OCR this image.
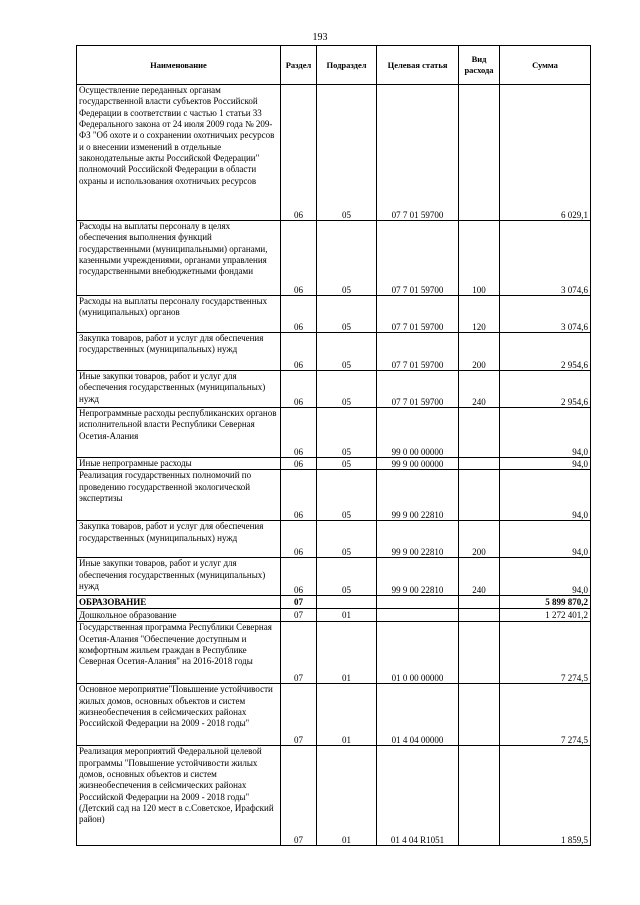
193
Наименование	Раздел	Подраздел	Целевая статья	Вид расхода	Сумма

Осуществление переданных органам государственной власти субъектов Российской Федерации в соответствии с частью 1 статьи 33 Федерального закона от 24 июля 2009 года № 209-ФЗ "Об охоте и о сохранении охотничьих ресурсов и о внесении изменений в отдельные законодательные акты Российской Федерации" полномочий Российской Федерации в области охраны и использования охотничьих ресурсов	06	05	07 7 01 59700		6 029,1

Расходы на выплаты персоналу в целях обеспечения выполнения функций государственными (муниципальными) органами, казенными учреждениями, органами управления государственными внебюджетными фондами	06	05	07 7 01 59700	100	3 074,6

Расходы на выплаты персоналу государственных (муниципальных) органов	06	05	07 7 01 59700	120	3 074,6

Закупка товаров, работ и услуг для обеспечения государственных (муниципальных) нужд	06	05	07 7 01 59700	200	2 954,6

Иные закупки товаров, работ и услуг для обеспечения государственных (муниципальных) нужд	06	05	07 7 01 59700	240	2 954,6

Непрограммные расходы республиканских органов исполнительной власти Республики Северная Осетия-Алания	06	05	99 0 00 00000		94,0

Иные непрограмные расходы	06	05	99 9 00 00000		94,0

Реализация государственных полномочий по проведению государственной экологической экспертизы	06	05	99 9 00 22810		94,0

Закупка товаров, работ и услуг для обеспечения государственных (муниципальных) нужд	06	05	99 9 00 22810	200	94,0

Иные закупки товаров, работ и услуг для обеспечения государственных (муниципальных) нужд	06	05	99 9 00 22810	240	94,0

ОБРАЗОВАНИЕ	07				5 899 870,2

Дошкольное образование	07	01			1 272 401,2

Государственная программа Республики Северная Осетия-Алания "Обеспечение доступным и комфортным жильем граждан в Республике Северная Осетия-Алания" на 2016-2018 годы	07	01	01 0 00 00000		7 274,5

Основное мероприятие"Повышение устойчивости жилых домов, основных объектов и систем жизнеобеспечения в сейсмических районах Российской Федерации на 2009 - 2018 годы"	07	01	01 4 04 00000		7 274,5

Реализация мероприятий Федеральной целевой программы "Повышение устойчивости жилых домов, основных объектов и систем жизнеобеспечения в сейсмических районах Российской Федерации на 2009 - 2018 годы" (Детский сад на 120 мест в с.Советское, Ирафский район)	07	01	01 4 04 R1051		1 859,5
